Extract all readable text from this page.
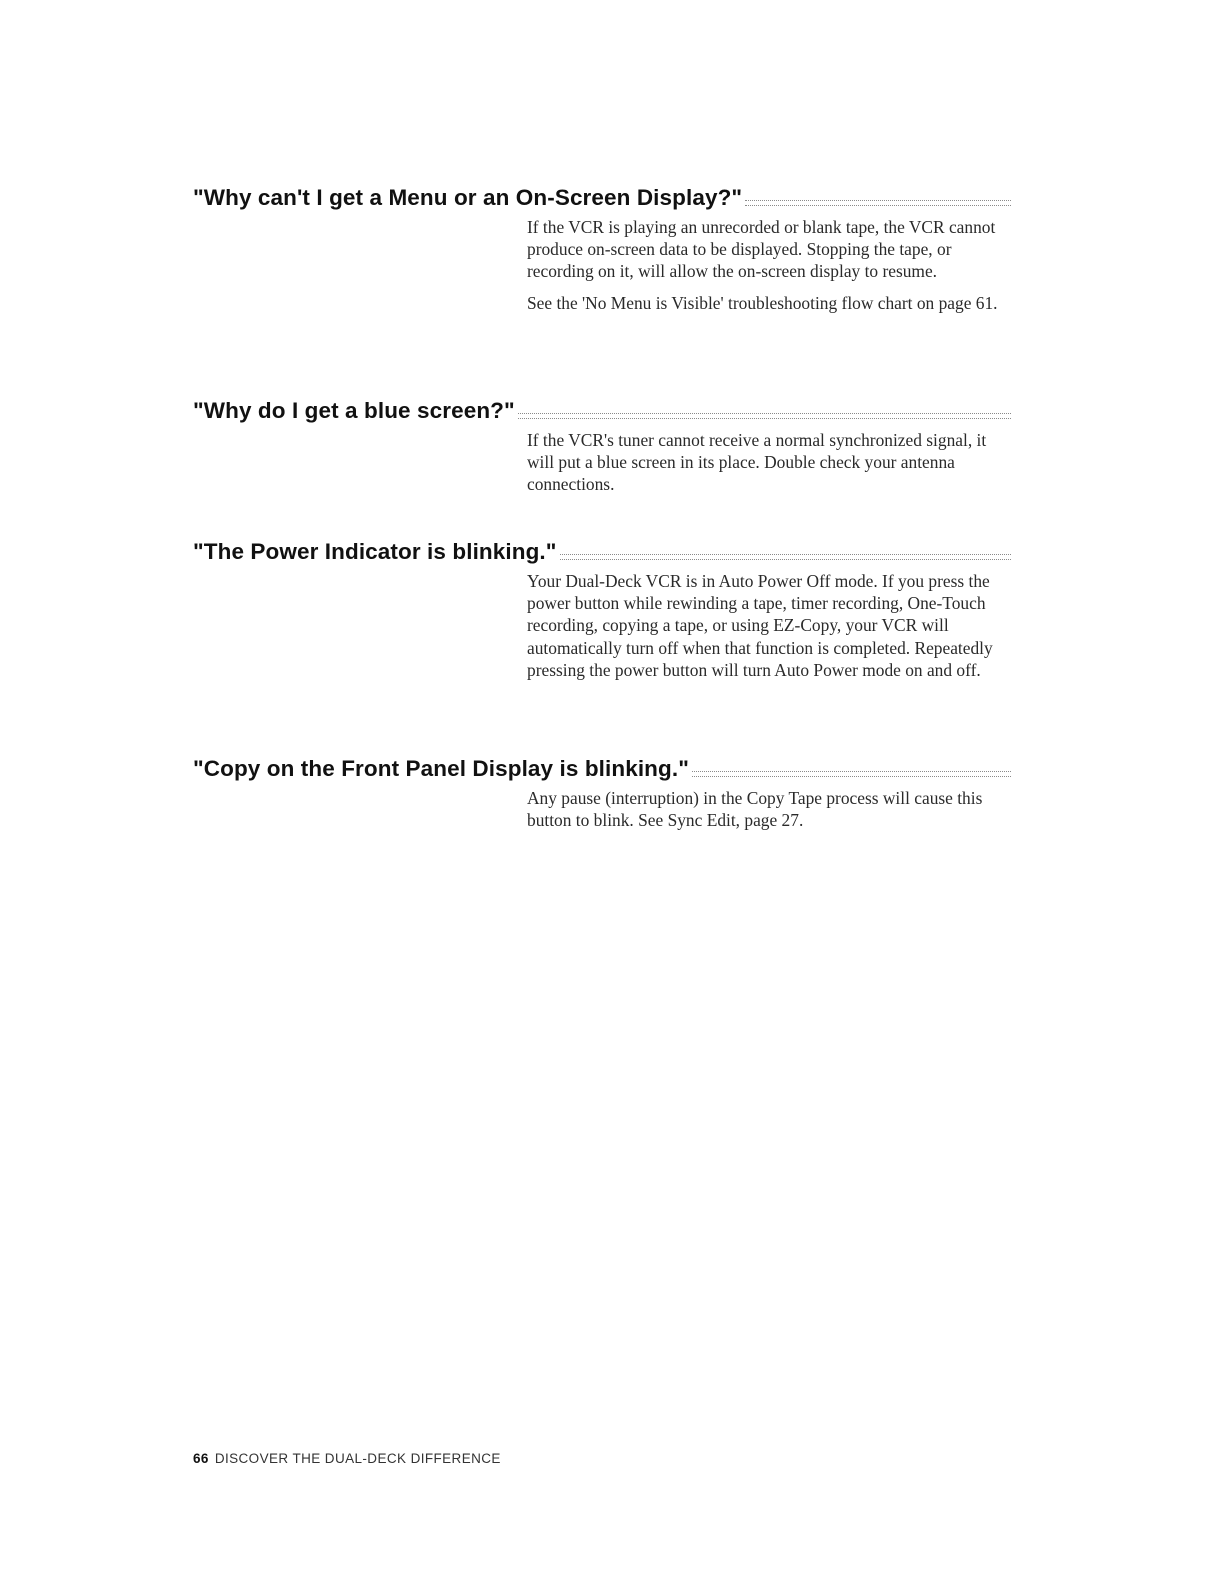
"Why can't I get a Menu or an On-Screen Display?"

If the VCR is playing an unrecorded or blank tape, the VCR cannot produce on-screen data to be displayed. Stopping the tape, or recording on it, will allow the on-screen display to resume.

See the 'No Menu is Visible' troubleshooting flow chart on page 61.

"Why do I get a blue screen?"

If the VCR's tuner cannot receive a normal synchronized signal, it will put a blue screen in its place. Double check your antenna connections.

"The Power Indicator is blinking."

Your Dual-Deck VCR is in Auto Power Off mode. If you press the power button while rewinding a tape, timer recording, One-Touch recording, copying a tape, or using EZ-Copy, your VCR will automatically turn off when that function is completed. Repeatedly pressing the power button will turn Auto Power mode on and off.

"Copy on the Front Panel Display is blinking."

Any pause (interruption) in the Copy Tape process will cause this button to blink. See Sync Edit, page 27.

66 DISCOVER THE DUAL-DECK DIFFERENCE
